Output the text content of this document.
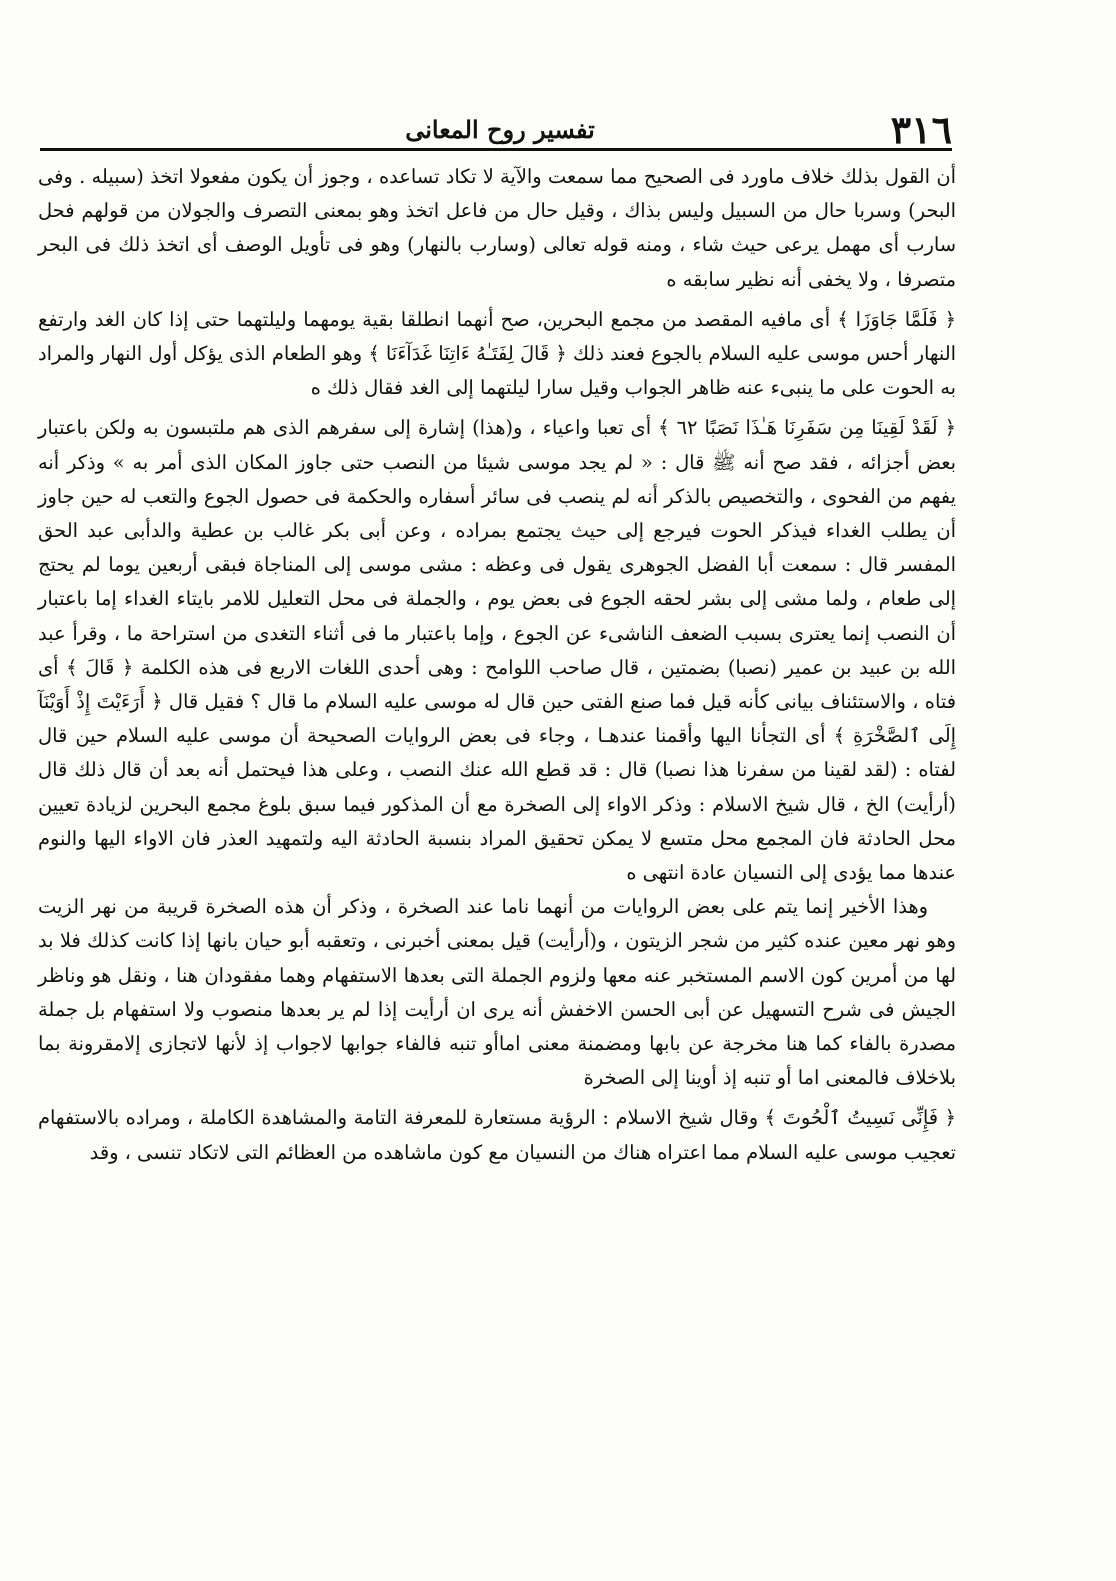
٣١٦
تفسير روح المعانى

أن القول بذلك خلاف ماورد فى الصحيح مما سمعت والآية لا تكاد تساعده ، وجوز أن يكون مفعولا اتخذ (سبيله . وفى البحر) وسربا حال من السبيل وليس بذاك ، وقيل حال من فاعل اتخذ وهو بمعنى التصرف والجولان من قولهم فحل سارب أى مهمل يرعى حيث شاء ، ومنه قوله تعالى (وسارب بالنهار) وهو فى تأويل الوصف أى اتخذ ذلك فى البحر متصرفا ، ولا يخفى أنه نظير سابقه ه

﴿ فَلَمَّا جَاوَزَا ﴾ أى مافيه المقصد من مجمع البحرين، صح أنهما انطلقا بقية يومهما وليلتهما حتى إذا كان الغد وارتفع النهار أحس موسى عليه السلام بالجوع فعند ذلك ﴿ قَالَ لِفَتَـٰهُ ءَاتِنَا غَدَآءَنَا ﴾ وهو الطعام الذى يؤكل أول النهار والمراد به الحوت على ما ينبىء عنه ظاهر الجواب وقيل سارا ليلتهما إلى الغد فقال ذلك ه

﴿ لَقَدْ لَقِينَا مِن سَفَرِنَا هَـٰذَا نَصَبًا ٦٢ ﴾ أى تعبا واعياء ، و(هذا) إشارة إلى سفرهم الذى هم ملتبسون به ولكن باعتبار بعض أجزائه ، فقد صح أنه ﷺ قال : « لم يجد موسى شيئا من النصب حتى جاوز المكان الذى أمر به » وذكر أنه يفهم من الفحوى ، والتخصيص بالذكر أنه لم ينصب فى سائر أسفاره والحكمة فى حصول الجوع والتعب له حين جاوز أن يطلب الغداء فيذكر الحوت فيرجع إلى حيث يجتمع بمراده ، وعن أبى بكر غالب بن عطية والدأبى عبد الحق المفسر قال : سمعت أبا الفضل الجوهرى يقول فى وعظه : مشى موسى إلى المناجاة فبقى أربعين يوما لم يحتج إلى طعام ، ولما مشى إلى بشر لحقه الجوع فى بعض يوم ، والجملة فى محل التعليل للامر بايتاء الغداء إما باعتبار أن النصب إنما يعترى بسبب الضعف الناشىء عن الجوع ، وإما باعتبار ما فى أثناء التغدى من استراحة ما ، وقرأ عبد الله بن عبيد بن عمير (نصبا) بضمتين ، قال صاحب اللوامح : وهى أحدى اللغات الاربع فى هذه الكلمة ﴿ قَالَ ﴾ أى فتاه ، والاستئناف بيانى كأنه قيل فما صنع الفتى حين قال له موسى عليه السلام ما قال ؟ فقيل قال ﴿ أَرَءَيْتَ إِذْ أَوَيْنَآ إِلَى ٱلصَّخْرَةِ ﴾ أى التجأنا اليها وأقمنا عندهـا ، وجاء فى بعض الروايات الصحيحة أن موسى عليه السلام حين قال لفتاه : (لقد لقينا من سفرنا هذا نصبا) قال : قد قطع الله عنك النصب ، وعلى هذا فيحتمل أنه بعد أن قال ذلك قال (أرأيت) الخ ، قال شيخ الاسلام : وذكر الاواء إلى الصخرة مع أن المذكور فيما سبق بلوغ مجمع البحرين لزيادة تعيين محل الحادثة فان المجمع محل متسع لا يمكن تحقيق المراد بنسبة الحادثة اليه ولتمهيد العذر فان الاواء اليها والنوم عندها مما يؤدى إلى النسيان عادة انتهى ه

وهذا الأخير إنما يتم على بعض الروايات من أنهما ناما عند الصخرة ، وذكر أن هذه الصخرة قريبة من نهر الزيت وهو نهر معين عنده كثير من شجر الزيتون ، و(أرأيت) قيل بمعنى أخبرنى ، وتعقبه أبو حيان بانها إذا كانت كذلك فلا بد لها من أمرين كون الاسم المستخبر عنه معها ولزوم الجملة التى بعدها الاستفهام وهما مفقودان هنا ، ونقل هو وناظر الجيش فى شرح التسهيل عن أبى الحسن الاخفش أنه يرى ان أرأيت إذا لم ير بعدها منصوب ولا استفهام بل جملة مصدرة بالفاء كما هنا مخرجة عن بابها ومضمنة معنى اماأو تنبه فالفاء جوابها لاجواب إذ لأنها لاتجازى إلامقرونة بما بلاخلاف فالمعنى اما أو تنبه إذ أوينا إلى الصخرة

﴿ فَإِنِّى نَسِيتُ ٱلْحُوتَ ﴾ وقال شيخ الاسلام : الرؤية مستعارة للمعرفة التامة والمشاهدة الكاملة ، ومراده بالاستفهام تعجيب موسى عليه السلام مما اعتراه هناك من النسيان مع كون ماشاهده من العظائم التى لاتكاد تنسى ، وقد
